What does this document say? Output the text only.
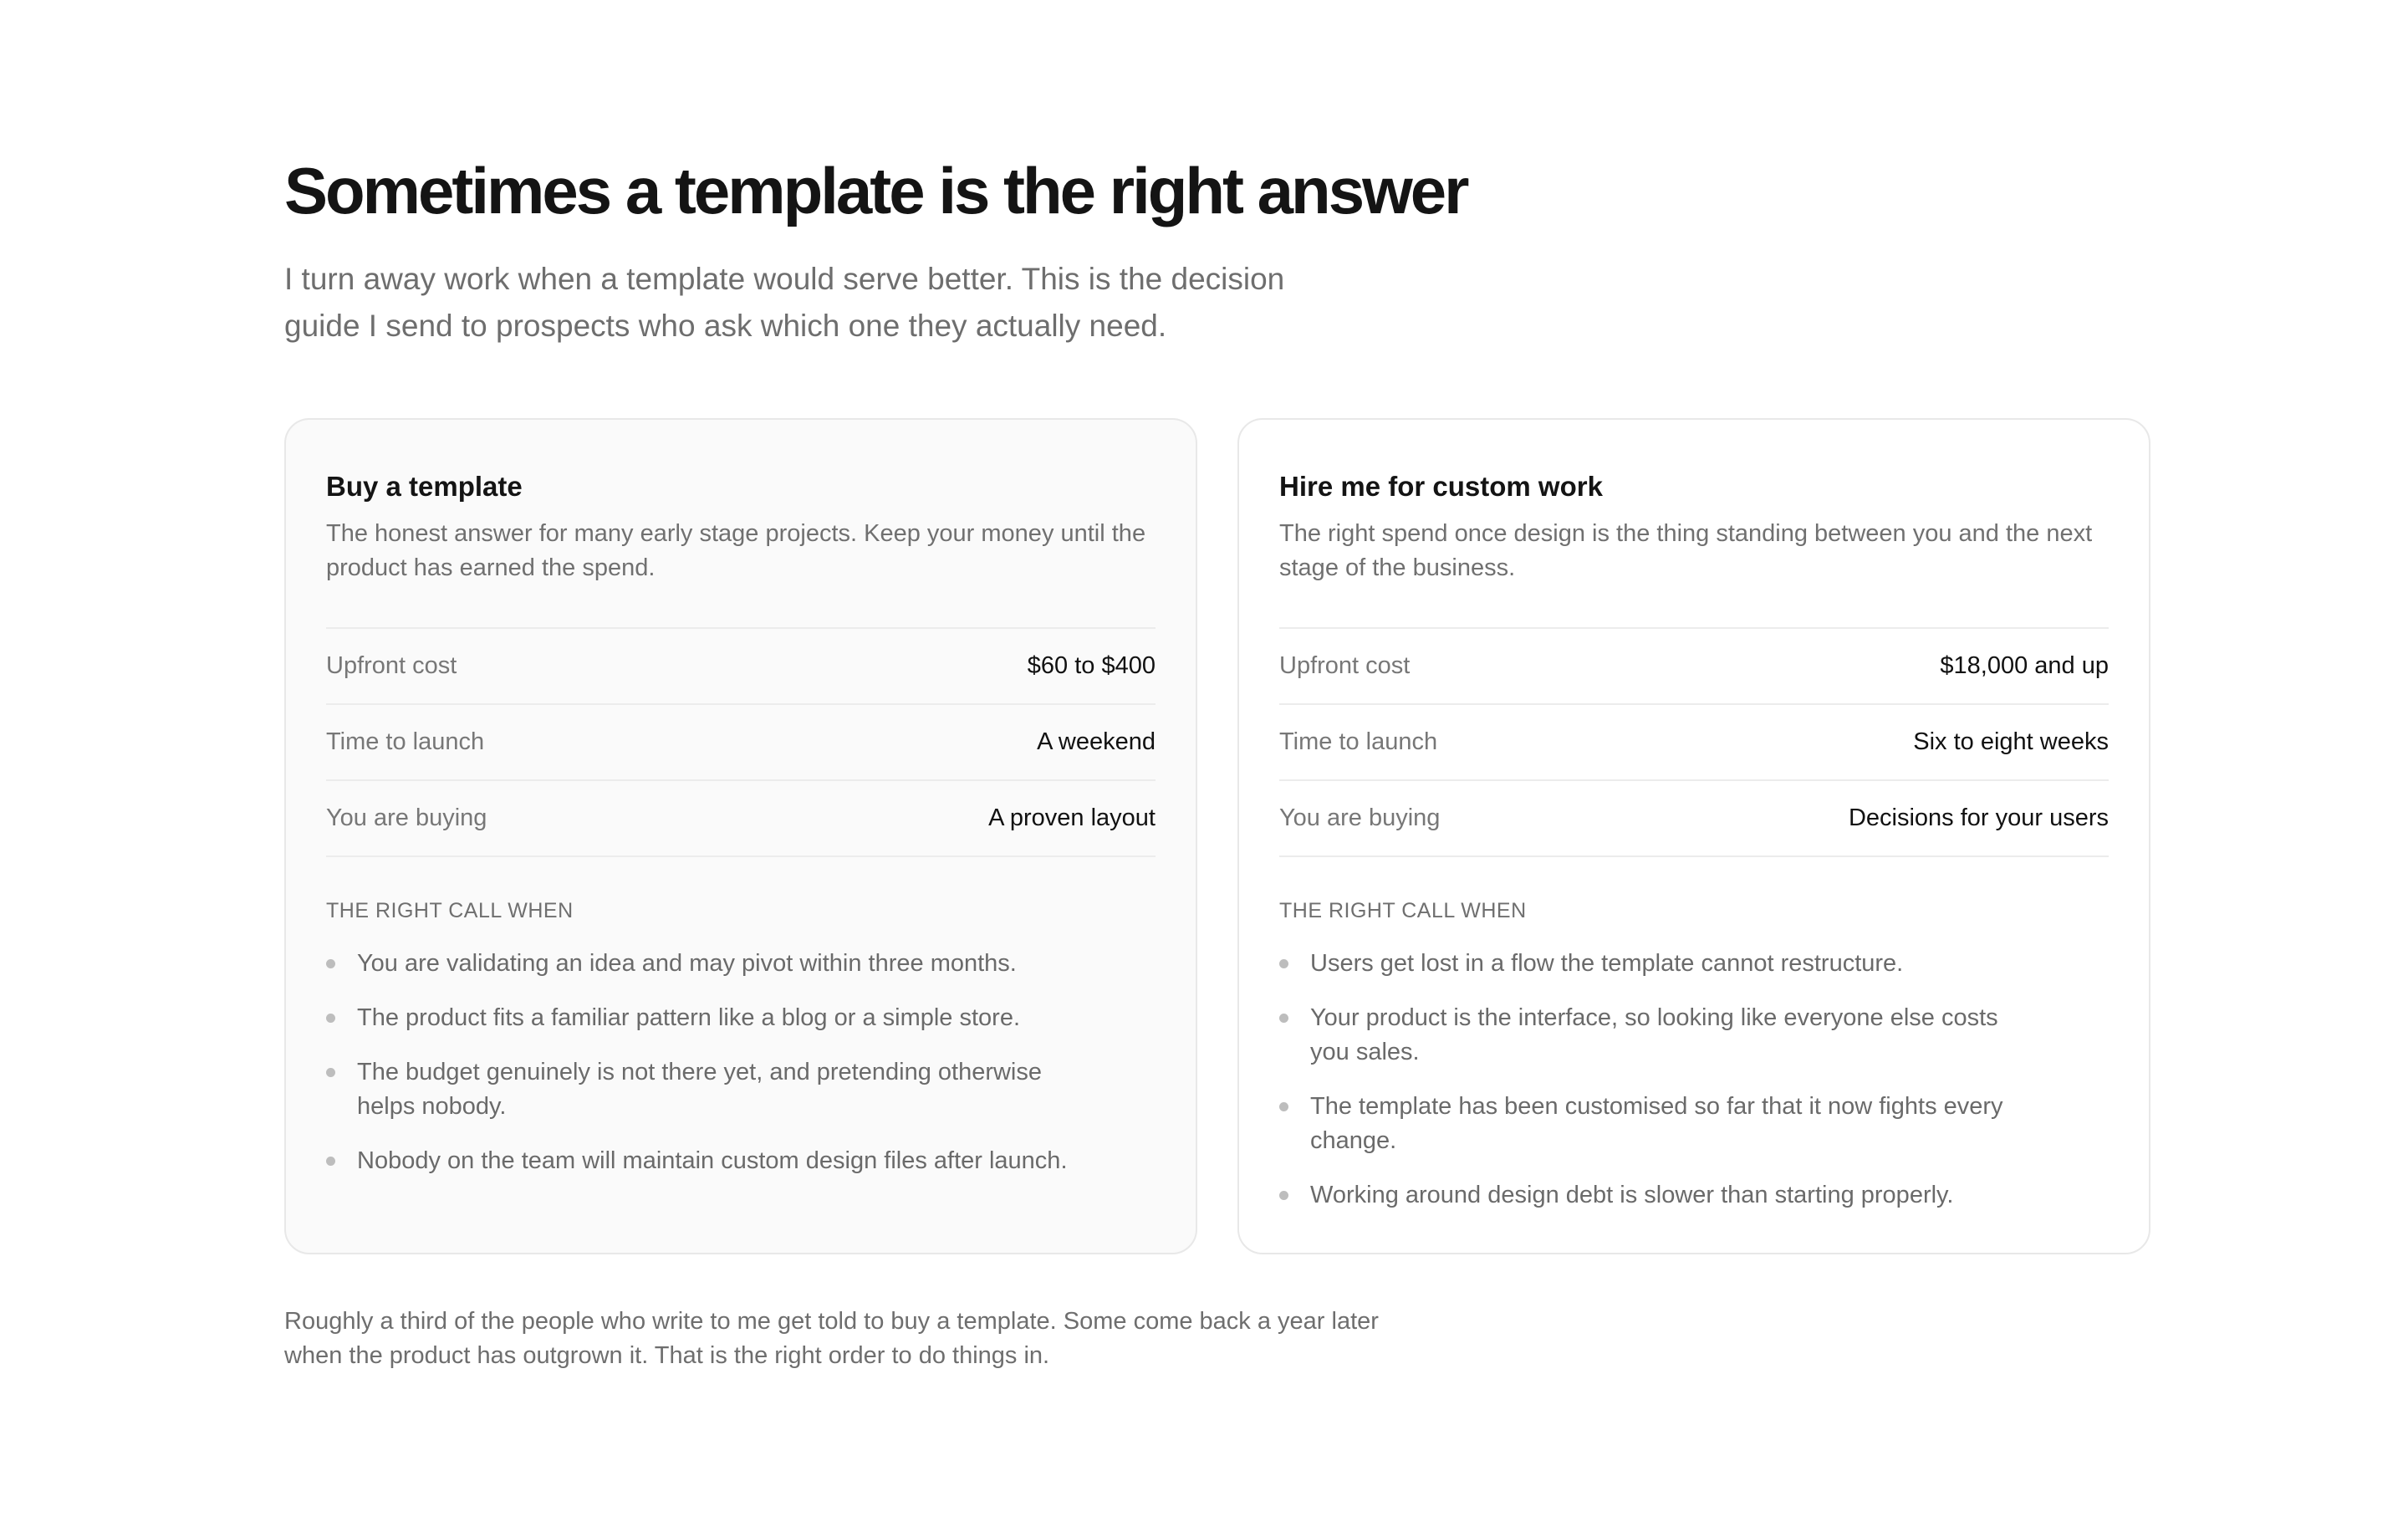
Sometimes a template is the right answer

I turn away work when a template would serve better. This is the decision guide I send to prospects who ask which one they actually need.

Buy a template

The honest answer for many early stage projects. Keep your money until the product has earned the spend.

Upfront cost	$60 to $400
Time to launch	A weekend
You are buying	A proven layout
THE RIGHT CALL WHEN
You are validating an idea and may pivot within three months.
The product fits a familiar pattern like a blog or a simple store.
The budget genuinely is not there yet, and pretending otherwise helps nobody.
Nobody on the team will maintain custom design files after launch.
Hire me for custom work

The right spend once design is the thing standing between you and the next stage of the business.

Upfront cost	$18,000 and up
Time to launch	Six to eight weeks
You are buying	Decisions for your users
THE RIGHT CALL WHEN
Users get lost in a flow the template cannot restructure.
Your product is the interface, so looking like everyone else costs you sales.
The template has been customised so far that it now fights every change.
Working around design debt is slower than starting properly.

Roughly a third of the people who write to me get told to buy a template. Some come back a year later when the product has outgrown it. That is the right order to do things in.
